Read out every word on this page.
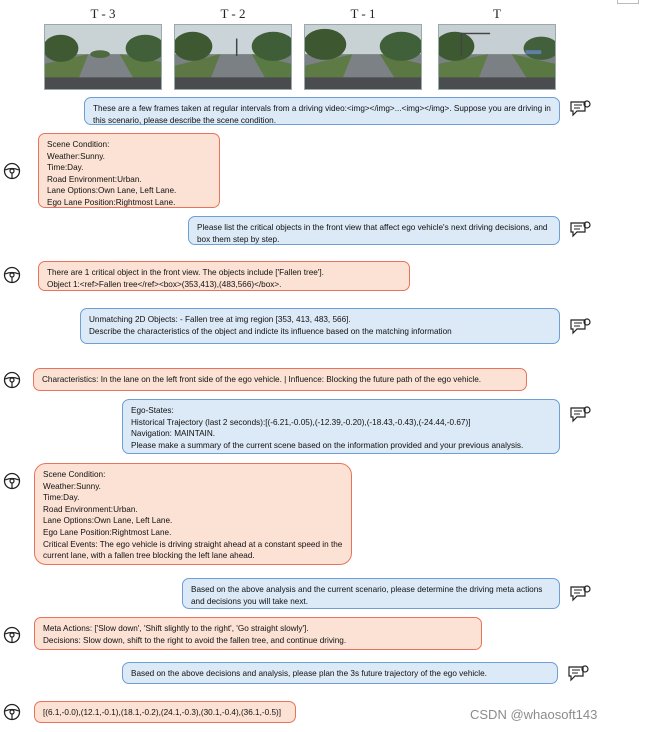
T - 3	T - 2	T - 1	T
These are a few frames taken at regular intervals from a driving video:<img></img>...<img></img>. Suppose you are driving in this scenario, please describe the scene condition.
Scene Condition:
Weather:Sunny.
Time:Day.
Road Environment:Urban.
Lane Options:Own Lane, Left Lane.
Ego Lane Position:Rightmost Lane.
Please list the critical objects in the front view that affect ego vehicle's next driving decisions, and box them step by step.
There are 1 critical object in the front view. The objects include ['Fallen tree'].
Object 1:<ref>Fallen tree</ref><box>(353,413),(483,566)</box>.
Unmatching 2D Objects: - Fallen tree at img region [353, 413, 483, 566].
Describe the characteristics of the object and indicte its influence based on the matching information
Characteristics: In the lane on the left front side of the ego vehicle. | Influence: Blocking the future path of the ego vehicle.
Ego-States:
Historical Trajectory (last 2 seconds):[(-6.21,-0.05),(-12.39,-0.20),(-18.43,-0.43),(-24.44,-0.67)]
Navigation: MAINTAIN.
Please make a summary of the current scene based on the information provided and your previous analysis.
Scene Condition:
Weather:Sunny.
Time:Day.
Road Environment:Urban.
Lane Options:Own Lane, Left Lane.
Ego Lane Position:Rightmost Lane.
Critical Events: The ego vehicle is driving straight ahead at a constant speed in the current lane, with a fallen tree blocking the left lane ahead.
Based on the above analysis and the current scenario, please determine the driving meta actions and decisions you will take next.
Meta Actions: ['Slow down', 'Shift slightly to the right', 'Go straight slowly'].
Decisions: Slow down, shift to the right to avoid the fallen tree, and continue driving.
Based on the above decisions and analysis, please plan the 3s future trajectory of the ego vehicle.
[(6.1,-0.0),(12.1,-0.1),(18.1,-0.2),(24.1,-0.3),(30.1,-0.4),(36.1,-0.5)]	CSDN @whaosoft143
